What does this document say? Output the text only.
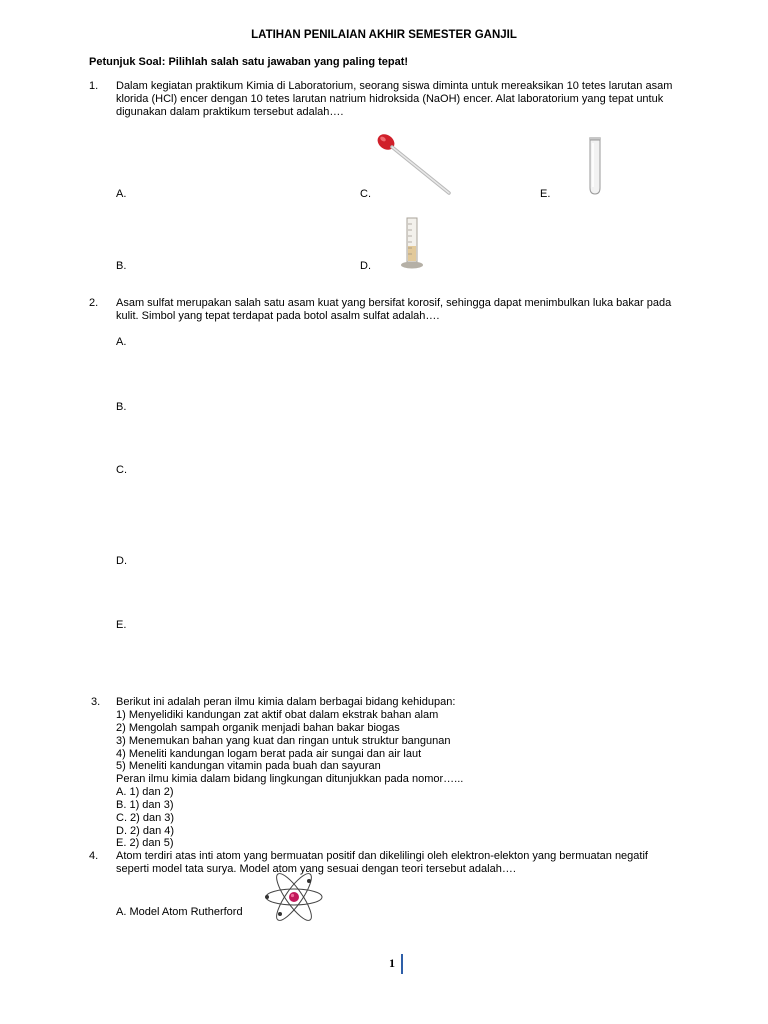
LATIHAN PENILAIAN AKHIR SEMESTER GANJIL
Petunjuk Soal: Pilihlah salah satu jawaban yang paling tepat!
1.	Dalam kegiatan praktikum Kimia di Laboratorium, seorang siswa diminta untuk mereaksikan 10 tetes larutan asam
klorida (HCl) encer dengan 10 tetes larutan natrium hidroksida (NaOH) encer. Alat laboratorium yang tepat untuk
digunakan dalam praktikum tersebut adalah….
A.	C.	E.
B.	D.
2.	Asam sulfat merupakan salah satu asam kuat yang bersifat korosif, sehingga dapat menimbulkan luka bakar pada
kulit. Simbol yang tepat terdapat pada botol asalm sulfat adalah….
A.
B.
C.
D.
E.
3.	Berikut ini adalah peran ilmu kimia dalam berbagai bidang kehidupan:
1) Menyelidiki kandungan zat aktif obat dalam ekstrak bahan alam
2) Mengolah sampah organik menjadi bahan bakar biogas
3) Menemukan bahan yang kuat dan ringan untuk struktur bangunan
4) Meneliti kandungan logam berat pada air sungai dan air laut
5) Meneliti kandungan vitamin pada buah dan sayuran
Peran ilmu kimia dalam bidang lingkungan ditunjukkan pada nomor…...
A. 1) dan 2)
B. 1) dan 3)
C. 2) dan 3)
D. 2) dan 4)
E. 2) dan 5)
4.	Atom terdiri atas inti atom yang bermuatan positif dan dikelilingi oleh elektron-elekton yang bermuatan negatif
seperti model tata surya. Model atom yang sesuai dengan teori tersebut adalah….
A. Model Atom Rutherford
1
